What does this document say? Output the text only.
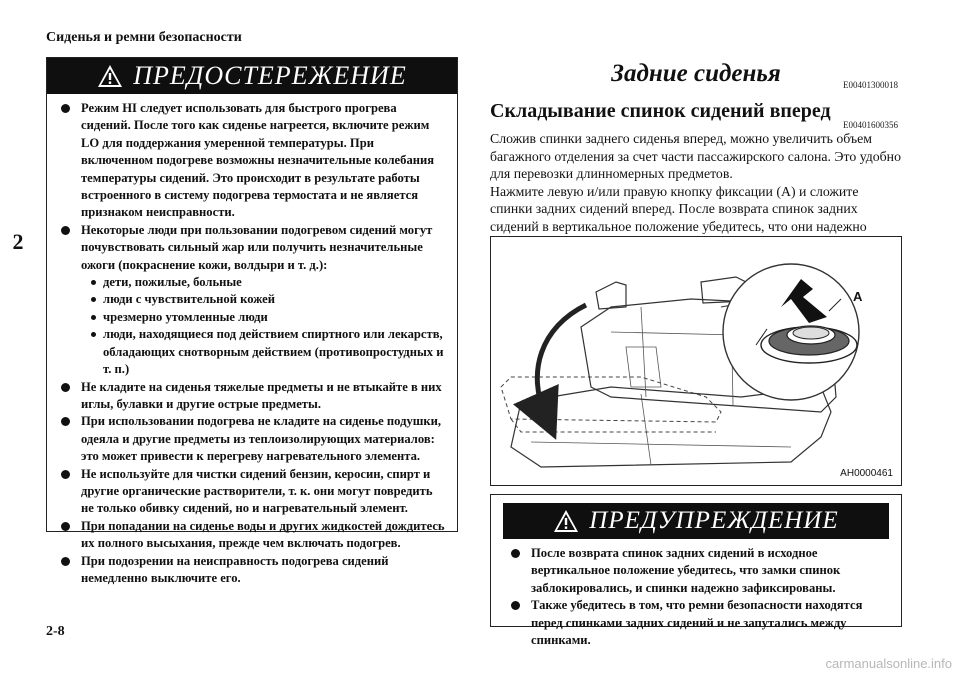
Сиденья и ремни безопасности
2
2-8
ПРЕДОСТЕРЕЖЕНИЕ
Режим HI следует использовать для быстрого прогрева сидений. После того как сиденье нагреется, включите режим LO для поддержания умеренной температуры. При включенном подогреве возможны незначительные колебания температуры сидений. Это происходит в результате работы встроенного в систему подогрева термостата и не является признаком неисправности.
Некоторые люди при пользовании подогревом сидений могут почувствовать сильный жар или получить незначительные ожоги (покраснение кожи, волдыри и т. д.):
дети, пожилые, больные
люди с чувствительной кожей
чрезмерно утомленные люди
люди, находящиеся под действием спиртного или лекарств, обладающих снотворным действием (противопростудных и т. п.)
Не кладите на сиденья тяжелые предметы и не втыкайте в них иглы, булавки и другие острые предметы.
При использовании подогрева не кладите на сиденье подушки, одеяла и другие предметы из теплоизолирующих материалов: это может привести к перегреву нагревательного элемента.
Не используйте для чистки сидений бензин, керосин, спирт и другие органические растворители, т. к. они могут повредить не только обивку сидений, но и нагревательный элемент.
При попадании на сиденье воды и других жидкостей дождитесь их полного высыхания, прежде чем включать подогрев.
При подозрении на неисправность подогрева сидений немедленно выключите его.
Задние сиденья	E00401300018
Складывание спинок сидений вперед
E00401600356

Сложив спинки заднего сиденья вперед, можно увеличить объем багажного отделения за счет части пассажирского салона. Это удобно для перевозки длинномерных предметов.

Нажмите левую и/или правую кнопку фиксации (A) и сложите спинки задних сидений вперед. После возврата спинок задних сидений в вертикальное положение убедитесь, что они надежно

A
AH0000461
ПРЕДУПРЕЖДЕНИЕ
После возврата спинок задних сидений в исходное вертикальное положение убедитесь, что замки спинок заблокировались, и спинки надежно зафиксированы.
Также убедитесь в том, что ремни безопасности находятся перед спинками задних сидений и не запутались между спинками.
carmanualsonline.info
